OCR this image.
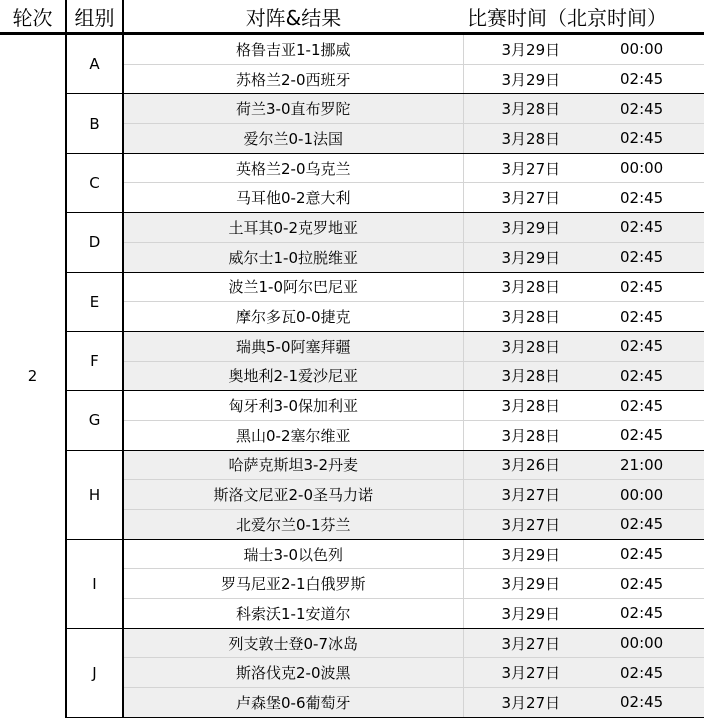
轮次	组别	对阵&结果	比赛时间（北京时间）	
2	A	格鲁吉亚1-1挪威	3月29日	00:00
		苏格兰2-0西班牙	3月29日	02:45
	B	荷兰3-0直布罗陀	3月28日	02:45
		爱尔兰0-1法国	3月28日	02:45
	C	英格兰2-0乌克兰	3月27日	00:00
		马耳他0-2意大利	3月27日	02:45
	D	土耳其0-2克罗地亚	3月29日	02:45
		威尔士1-0拉脱维亚	3月29日	02:45
	E	波兰1-0阿尔巴尼亚	3月28日	02:45
		摩尔多瓦0-0捷克	3月28日	02:45
	F	瑞典5-0阿塞拜疆	3月28日	02:45
		奥地利2-1爱沙尼亚	3月28日	02:45
	G	匈牙利3-0保加利亚	3月28日	02:45
		黑山0-2塞尔维亚	3月28日	02:45
	H	哈萨克斯坦3-2丹麦	3月26日	21:00
		斯洛文尼亚2-0圣马力诺	3月27日	00:00
		北爱尔兰0-1芬兰	3月27日	02:45
	I	瑞士3-0以色列	3月29日	02:45
		罗马尼亚2-1白俄罗斯	3月29日	02:45
		科索沃1-1安道尔	3月29日	02:45
	J	列支敦士登0-7冰岛	3月27日	00:00
		斯洛伐克2-0波黑	3月27日	02:45
		卢森堡0-6葡萄牙	3月27日	02:45
